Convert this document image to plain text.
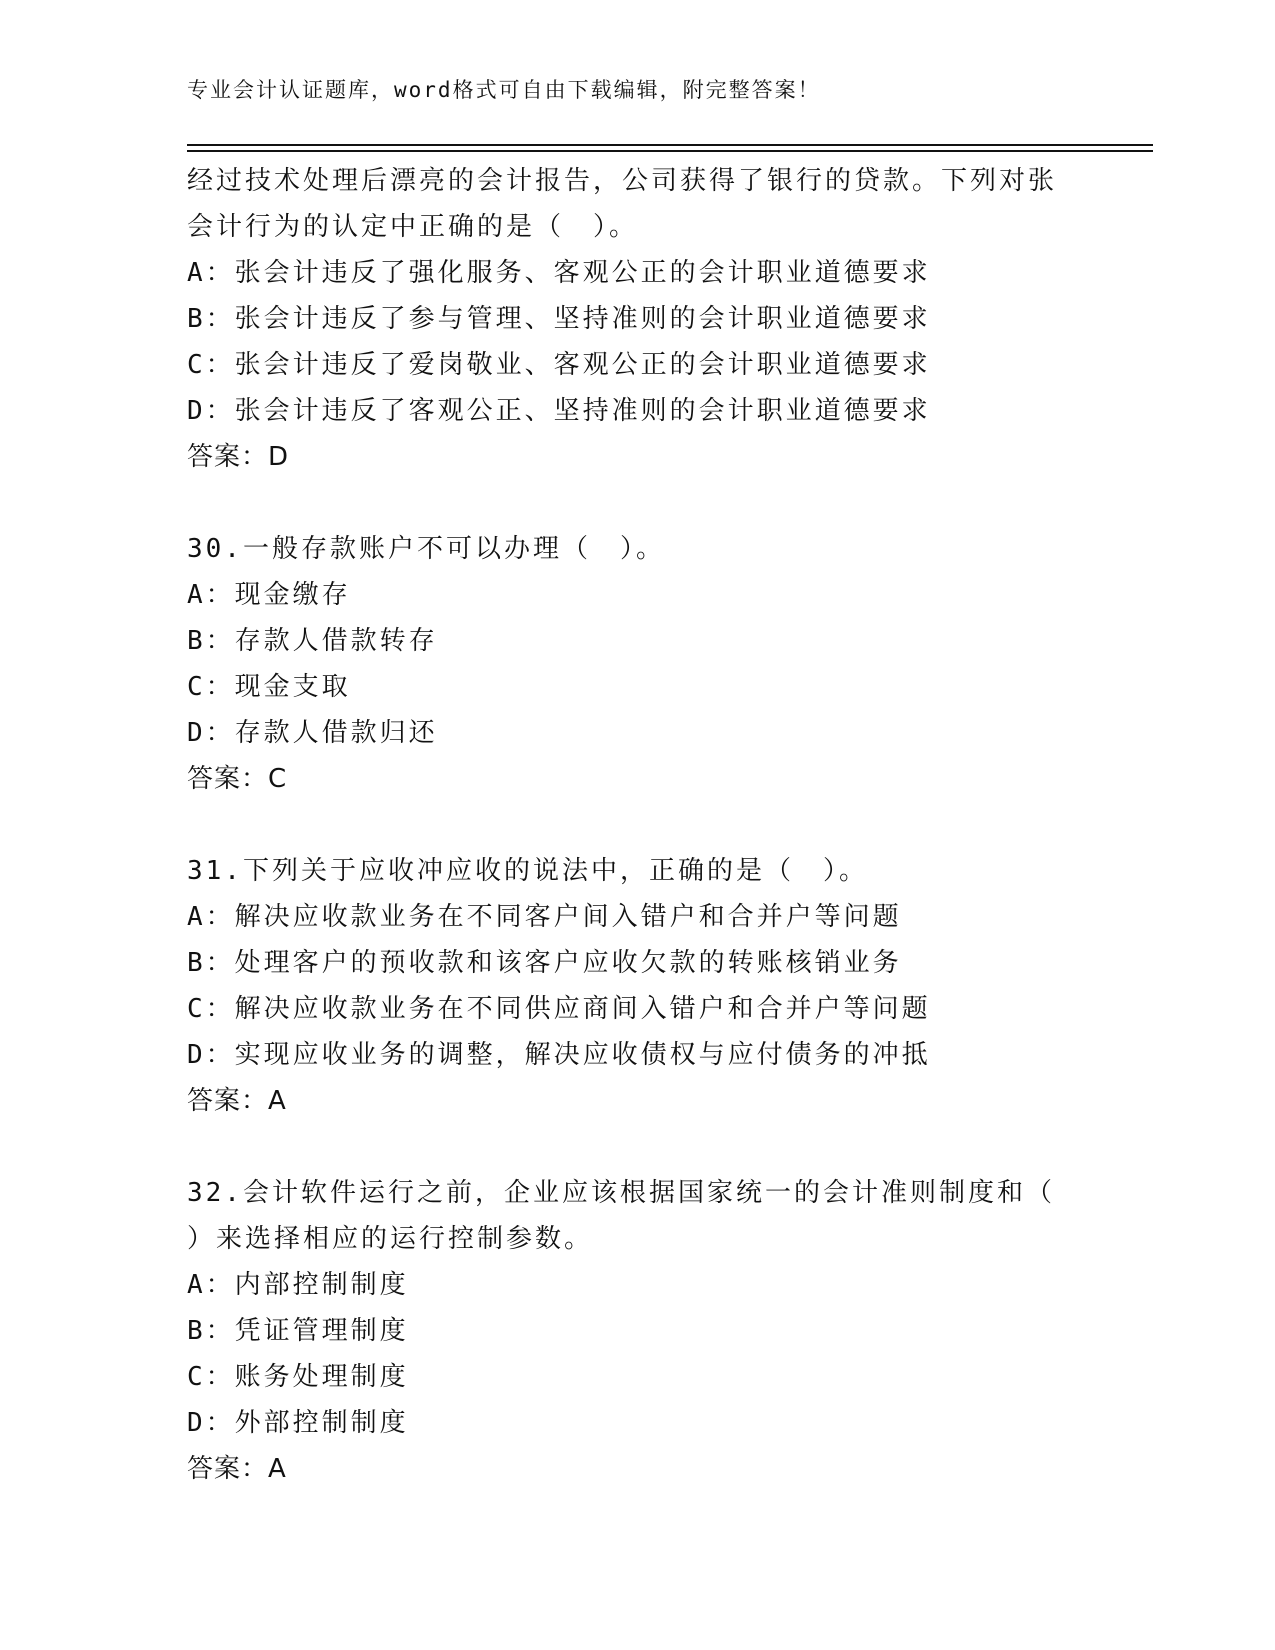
专业会计认证题库，word格式可自由下载编辑，附完整答案！
经过技术处理后漂亮的会计报告，公司获得了银行的贷款。下列对张
会计行为的认定中正确的是（　）。
A：张会计违反了强化服务、客观公正的会计职业道德要求
B：张会计违反了参与管理、坚持准则的会计职业道德要求
C：张会计违反了爱岗敬业、客观公正的会计职业道德要求
D：张会计违反了客观公正、坚持准则的会计职业道德要求
答案：D
30.一般存款账户不可以办理（　）。
A：现金缴存
B：存款人借款转存
C：现金支取
D：存款人借款归还
答案：C
31.下列关于应收冲应收的说法中，正确的是（　）。
A：解决应收款业务在不同客户间入错户和合并户等问题
B：处理客户的预收款和该客户应收欠款的转账核销业务
C：解决应收款业务在不同供应商间入错户和合并户等问题
D：实现应收业务的调整，解决应收债权与应付债务的冲抵
答案：A
32.会计软件运行之前，企业应该根据国家统一的会计准则制度和（
）来选择相应的运行控制参数。
A：内部控制制度
B：凭证管理制度
C：账务处理制度
D：外部控制制度
答案：A
